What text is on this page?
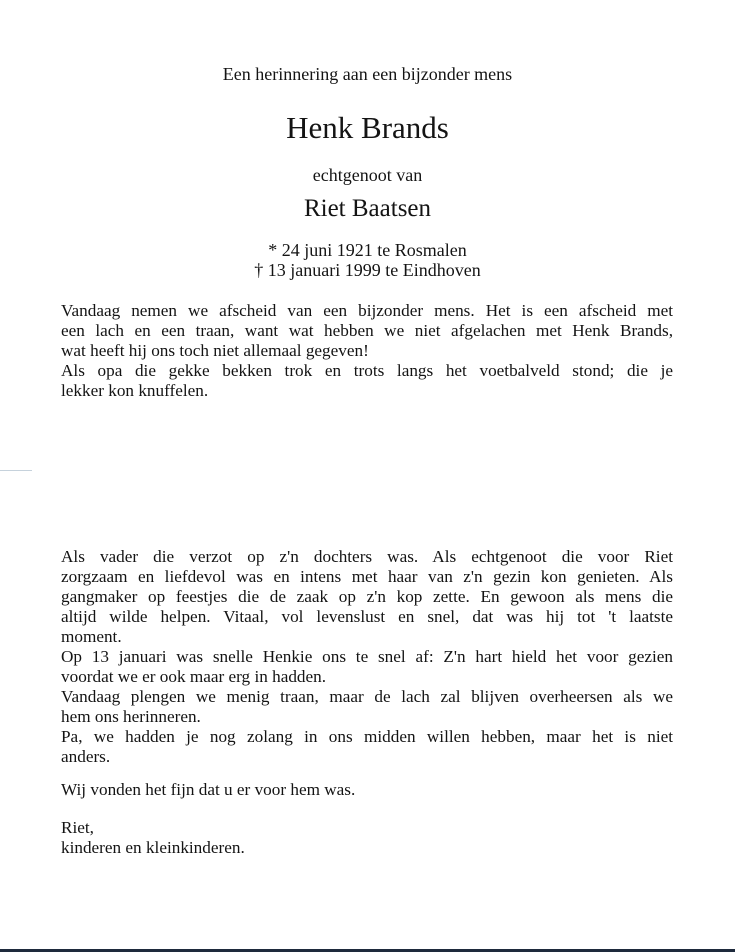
Een herinnering aan een bijzonder mens
Henk Brands
echtgenoot van
Riet Baatsen
* 24 juni 1921 te Rosmalen
† 13 januari 1999 te Eindhoven
Vandaag nemen we afscheid van een bijzonder mens. Het is een afscheid met
een lach en een traan, want wat hebben we niet afgelachen met Henk Brands,
wat heeft hij ons toch niet allemaal gegeven!
Als opa die gekke bekken trok en trots langs het voetbalveld stond; die je
lekker kon knuffelen.
Als vader die verzot op z'n dochters was. Als echtgenoot die voor Riet
zorgzaam en liefdevol was en intens met haar van z'n gezin kon genieten. Als
gangmaker op feestjes die de zaak op z'n kop zette. En gewoon als mens die
altijd wilde helpen. Vitaal, vol levenslust en snel, dat was hij tot 't laatste
moment.
Op 13 januari was snelle Henkie ons te snel af: Z'n hart hield het voor gezien
voordat we er ook maar erg in hadden.
Vandaag plengen we menig traan, maar de lach zal blijven overheersen als we
hem ons herinneren.
Pa, we hadden je nog zolang in ons midden willen hebben, maar het is niet
anders.
Wij vonden het fijn dat u er voor hem was.
Riet,
kinderen en kleinkinderen.
